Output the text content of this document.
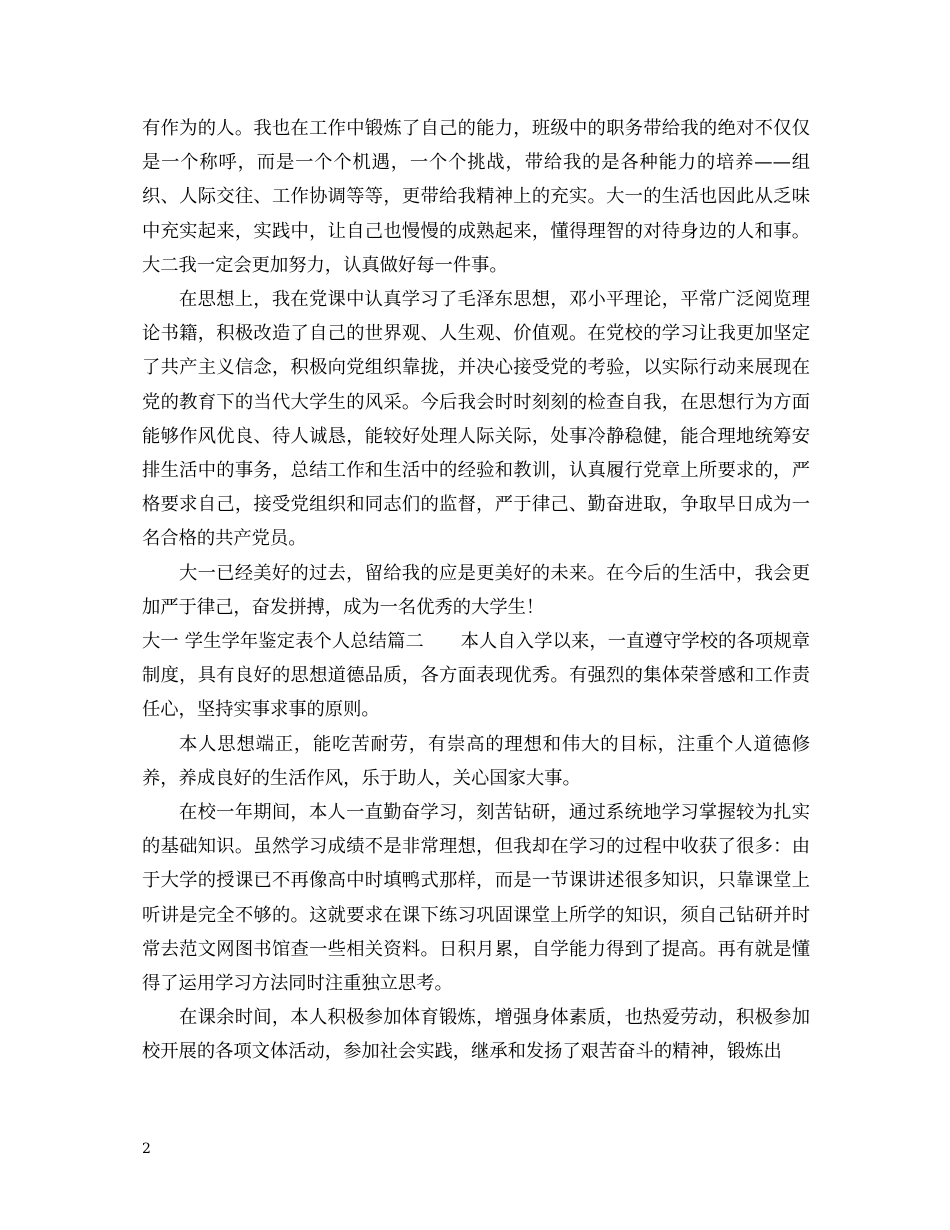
有作为的人。我也在工作中锻炼了自己的能力，班级中的职务带给我的绝对不仅仅是一个称呼，而是一个个机遇，一个个挑战，带给我的是各种能力的培养——组织、人际交往、工作协调等等，更带给我精神上的充实。大一的生活也因此从乏味中充实起来，实践中，让自己也慢慢的成熟起来，懂得理智的对待身边的人和事。大二我一定会更加努力，认真做好每一件事。

在思想上，我在党课中认真学习了毛泽东思想，邓小平理论，平常广泛阅览理论书籍，积极改造了自己的世界观、人生观、价值观。在党校的学习让我更加坚定了共产主义信念，积极向党组织靠拢，并决心接受党的考验，以实际行动来展现在党的教育下的当代大学生的风采。今后我会时时刻刻的检查自我，在思想行为方面能够作风优良、待人诚恳，能较好处理人际关际，处事冷静稳健，能合理地统筹安排生活中的事务，总结工作和生活中的经验和教训，认真履行党章上所要求的，严格要求自己，接受党组织和同志们的监督，严于律己、勤奋进取，争取早日成为一名合格的共产党员。

大一已经美好的过去，留给我的应是更美好的未来。在今后的生活中，我会更加严于律己，奋发拼搏，成为一名优秀的大学生！

大一 学生学年鉴定表个人总结篇二　　本人自入学以来，一直遵守学校的各项规章制度，具有良好的思想道德品质，各方面表现优秀。有强烈的集体荣誉感和工作责任心，坚持实事求事的原则。

本人思想端正，能吃苦耐劳，有崇高的理想和伟大的目标，注重个人道德修养，养成良好的生活作风，乐于助人，关心国家大事。

在校一年期间，本人一直勤奋学习，刻苦钻研，通过系统地学习掌握较为扎实的基础知识。虽然学习成绩不是非常理想，但我却在学习的过程中收获了很多：由于大学的授课已不再像高中时填鸭式那样，而是一节课讲述很多知识，只靠课堂上听讲是完全不够的。这就要求在课下练习巩固课堂上所学的知识，须自己钻研并时常去范文网图书馆查一些相关资料。日积月累，自学能力得到了提高。再有就是懂得了运用学习方法同时注重独立思考。

在课余时间，本人积极参加体育锻炼，增强身体素质，也热爱劳动，积极参加校开展的各项文体活动，参加社会实践，继承和发扬了艰苦奋斗的精神，锻炼出

2
